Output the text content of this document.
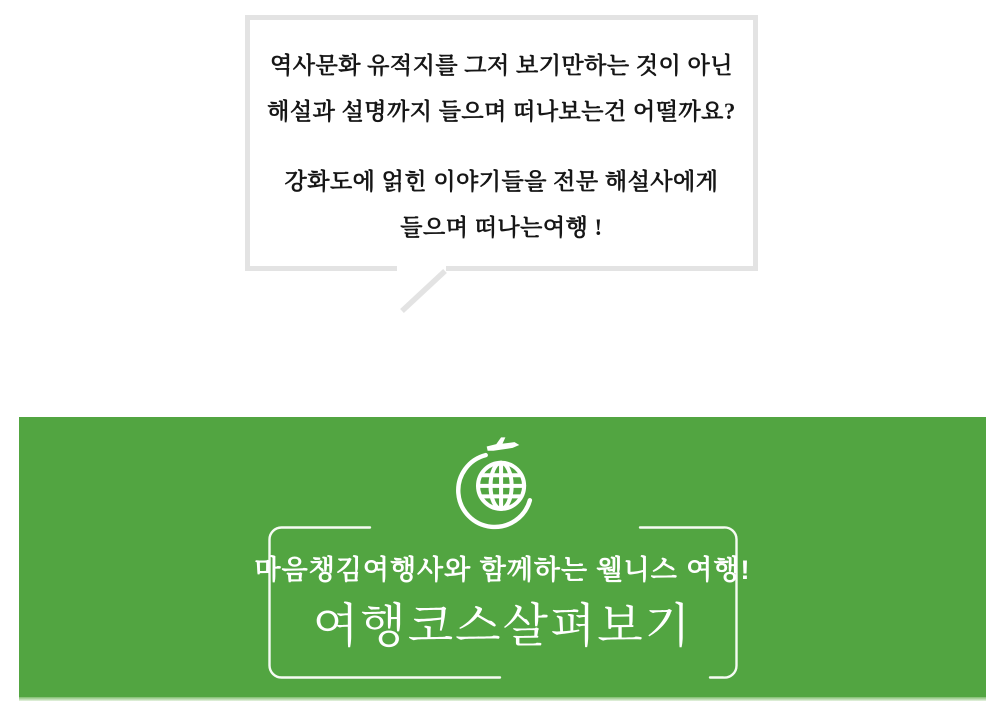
역사문화 유적지를 그저 보기만하는 것이 아닌
해설과 설명까지 들으며 떠나보는건 어떨까요?
강화도에 얽힌 이야기들을 전문 해설사에게
들으며 떠나는여행 !
마음챙김여행사와 함께하는 웰니스 여행!
여행코스살펴보기
